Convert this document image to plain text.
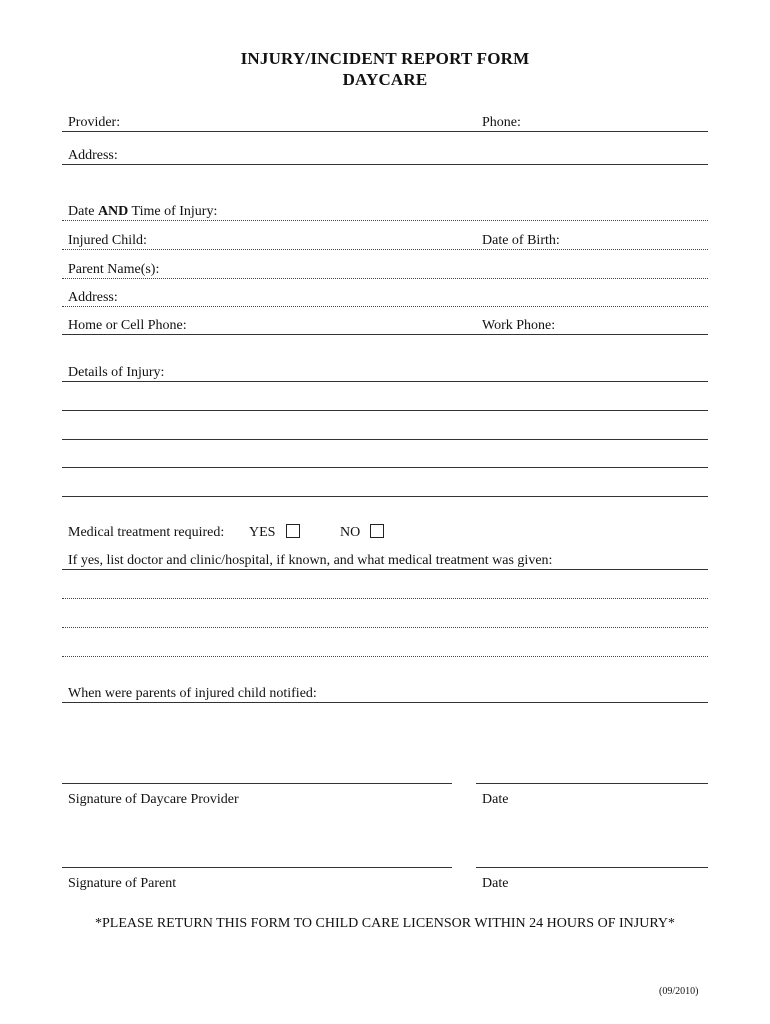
INJURY/INCIDENT REPORT FORM
DAYCARE
Provider:	Phone:
Address:
Date AND Time of Injury:
Injured Child:	Date of Birth:
Parent Name(s):
Address:
Home or Cell Phone:	Work Phone:
Details of Injury:
Medical treatment required: YES	NO
If yes, list doctor and clinic/hospital, if known, and what medical treatment was given:
When were parents of injured child notified:
Signature of Daycare Provider	Date
Signature of Parent	Date
*PLEASE RETURN THIS FORM TO CHILD CARE LICENSOR WITHIN 24 HOURS OF INJURY*
(09/2010)
